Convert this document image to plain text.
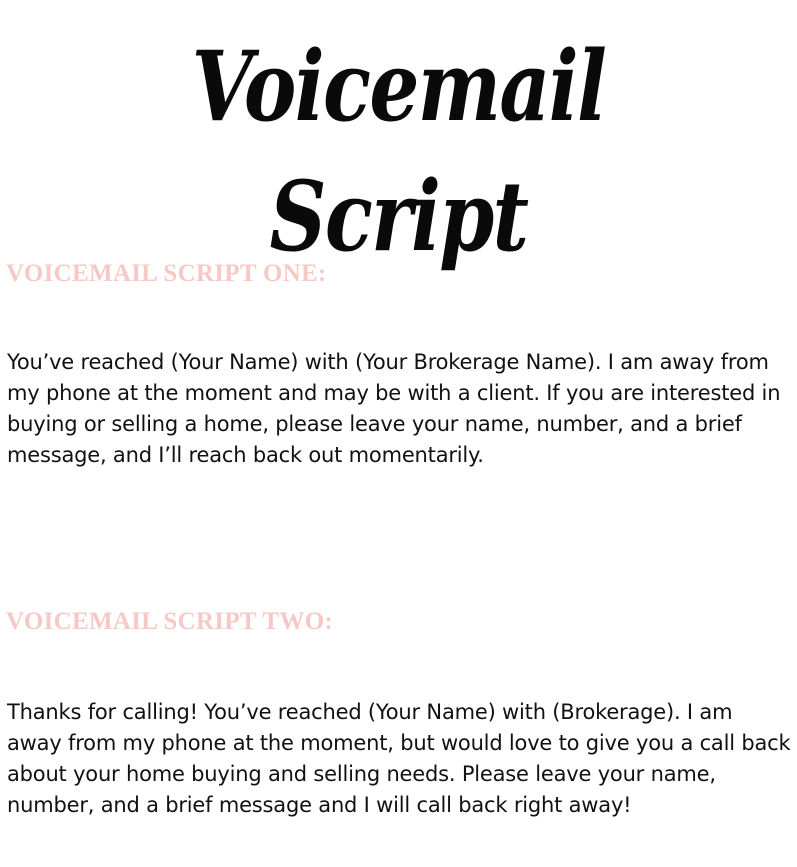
Voicemail Script
VOICEMAIL SCRIPT ONE:
You’ve reached (Your Name) with (Your Brokerage Name). I am away from my phone at the moment and may be with a client. If you are interested in buying or selling a home, please leave your name, number, and a brief message, and I’ll reach back out momentarily.
VOICEMAIL SCRIPT TWO:
Thanks for calling! You’ve reached (Your Name) with (Brokerage). I am away from my phone at the moment, but would love to give you a call back about your home buying and selling needs. Please leave your name, number, and a brief message and I will call back right away!
